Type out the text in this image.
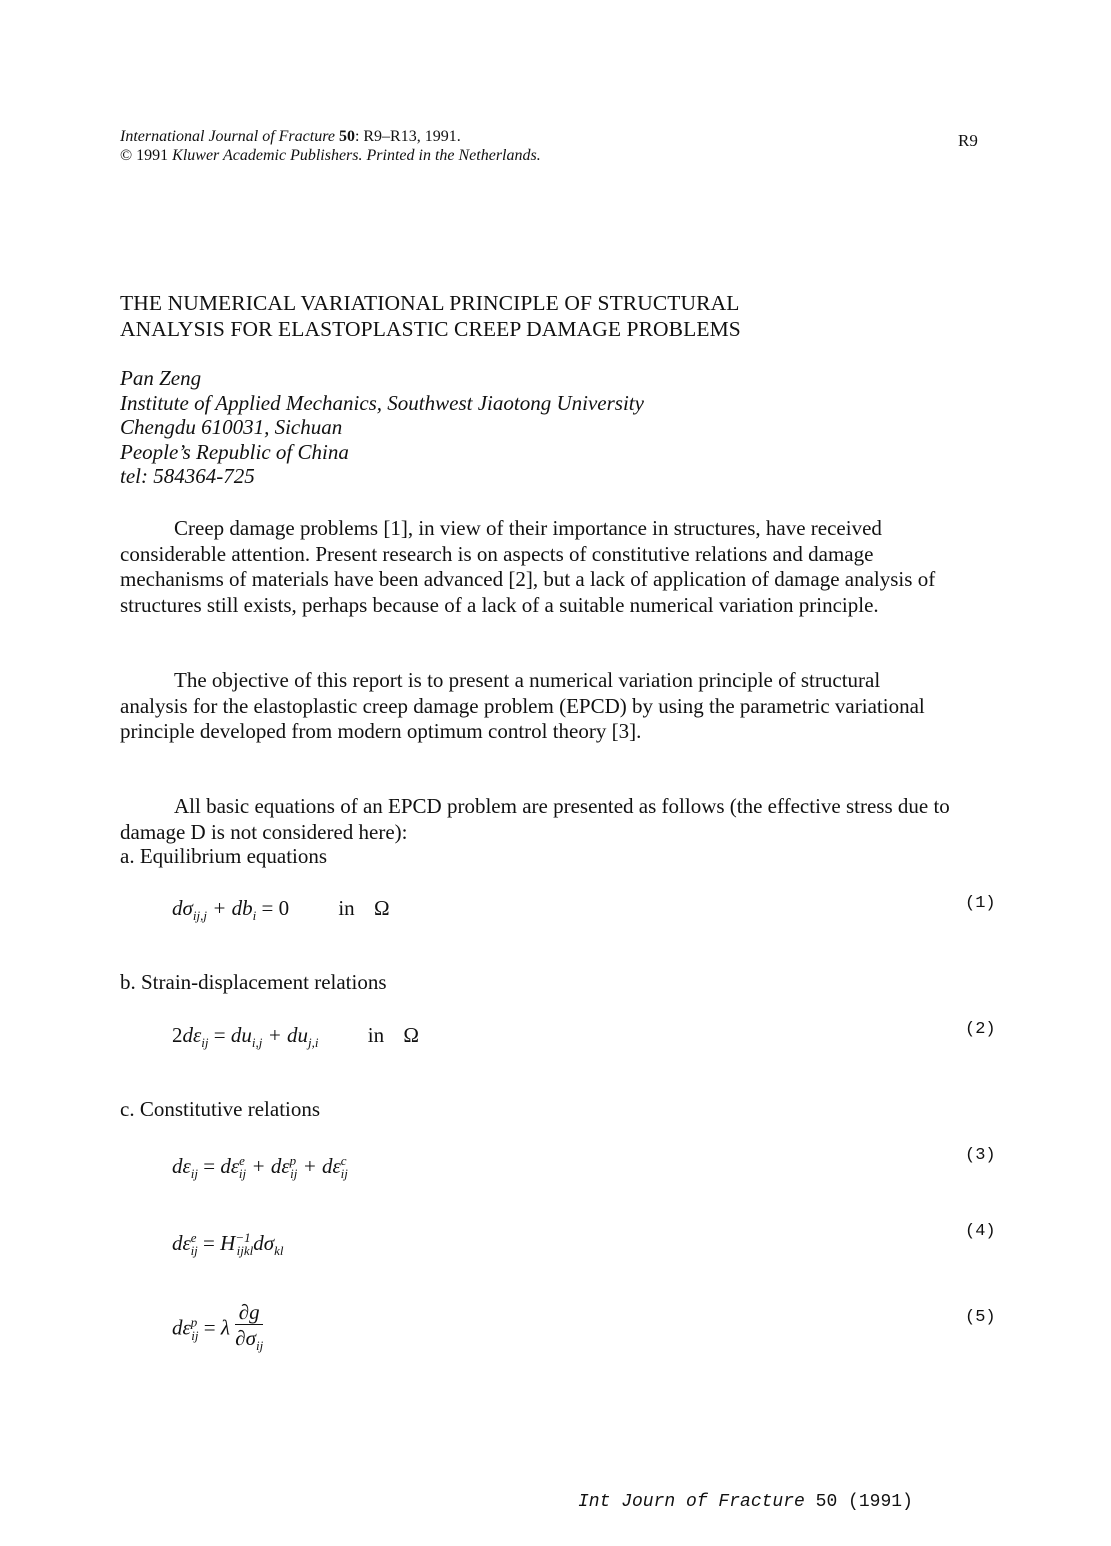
International Journal of Fracture 50: R9–R13, 1991.
© 1991 Kluwer Academic Publishers. Printed in the Netherlands.
R9
THE NUMERICAL VARIATIONAL PRINCIPLE OF STRUCTURAL
ANALYSIS FOR ELASTOPLASTIC CREEP DAMAGE PROBLEMS
Pan Zeng
Institute of Applied Mechanics, Southwest Jiaotong University
Chengdu 610031, Sichuan
People’s Republic of China
tel: 584364-725
Creep damage problems [1], in view of their importance in structures, have received considerable attention. Present research is on aspects of constitutive relations and damage mechanisms of materials have been advanced [2], but a lack of application of damage analysis of structures still exists, perhaps because of a lack of a suitable numerical variation principle.
The objective of this report is to present a numerical variation principle of structural analysis for the elastoplastic creep damage problem (EPCD) by using the parametric variational principle developed from modern optimum control theory [3].
All basic equations of an EPCD problem are presented as follows (the effective stress due to damage D is not considered here):
a. Equilibrium equations
$d\sigma_{ij,j} + db_i = 0$ in Ω	(1)
b. Strain-displacement relations
$2d\varepsilon_{ij} = du_{i,j} + du_{j,i}$ in Ω	(2)
c. Constitutive relations
$d\varepsilon_{ij} = d\varepsilon^e_{ij} + d\varepsilon^p_{ij} + d\varepsilon^c_{ij}$
(3)
$d\varepsilon^e_{ij} = H^{-1}_{ijkl}d\sigma_{kl}$
(4)
$d\varepsilon^p_{ij} = \lambda \frac{\partial g}{\partial\sigma_{ij}}$	(5)
Int Journ of Fracture 50 (1991)
